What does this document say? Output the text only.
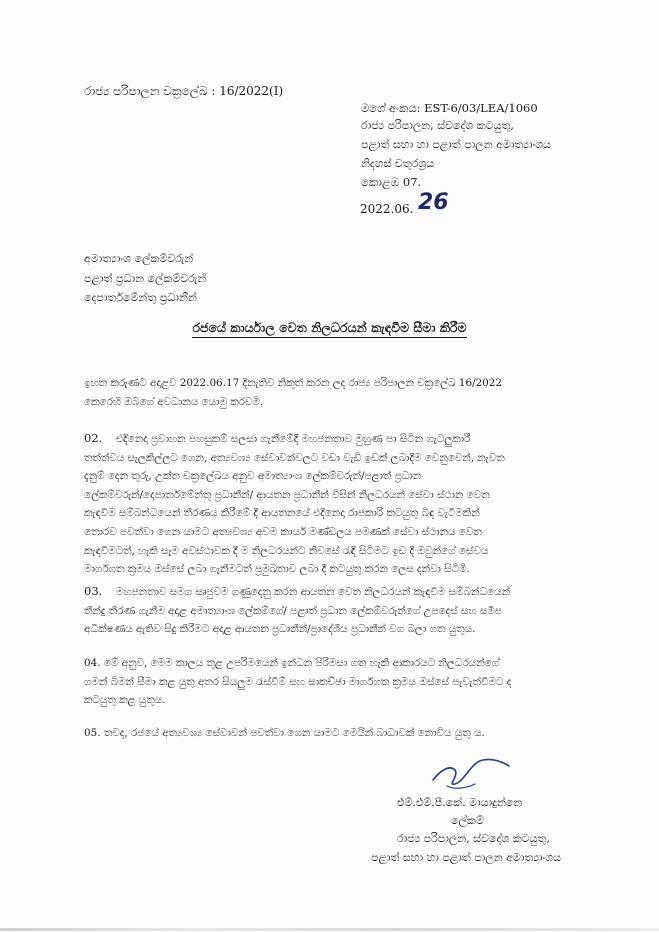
රාජ්‍ය පරිපාලන චක්‍රලේඛ : 16/2022(I)
මගේ අංකය: EST-6/03/LEA/1060
රාජ්‍ය පරිපාලන, ස්වදේශ කටයුතු,
පළාත් සභා හා පළාත් පාලන අමාත්‍යාංශය
නිදහස් චතුරශ්‍රය
කොළඹ 07.
2022.06. 26
අමාත්‍යාංශ ලේකම්වරුන්
පළාත් ප්‍රධාන ලේකම්වරුන්
දෙපාර්තමේන්තු ප්‍රධානීන්
රජයේ කාර්යාල වෙත නිලධරයන් කැඳවීම සීමා කිරීම
ඉහත කරුණට අදාළව 2022.06.17 දිනැතිව නිකුත් කරන ලද රාජ්‍ය පරිපාලන චක්‍රලේඛ 16/2022
කෙරෙහි ඔබගේ අවධානය යොමු කරවමි.
02.	එදිනෙදා ප්‍රවාහන පහසුකම් සලසා ගැනීමේදී මහජනතාව මුහුණ පා සිටින ගැටලුකාරී
තත්ත්වය සැලකිල්ලට ගෙන, අත්‍යවශ්‍ය සේවාවන්වලට වඩා වැඩි ඉඩක් ලබාදීම වෙනුවෙන්, නැවත
දැනුම් දෙන තුරු, උක්ත චක්‍රලේඛය අනුව අමාත්‍යාංශ ලේකම්වරුන්/පළාත් ප්‍රධාන
ලේකම්වරුන්/දෙපාර්තමේන්තු ප්‍රධානීන්/ ආයතන ප්‍රධානීන් විසින් නිලධරයන් සේවා ස්ථාන වෙත
කැඳවීම සම්බන්ධයෙන් තීරණය කිරීමේ දී ආයතනයේ එදිනෙදා රාජකාරි කටයුතු බිඳ වැටීමකින්
තොරව පවත්වා ගෙන යාමට අත්‍යවශ්‍ය අවම කාර්ය මණ්ඩලය පමණක් සේවා ස්ථානය වෙත
කැඳවීමටත්, හැකි සෑම අවස්ථාවක දී ම නිලධරයන්ට නිවසේ රැඳී සිටිමට ඉඩ දී ඔවුන්ගේ සේවය
මාර්ගගත ක්‍රමය ඔස්සේ ලබා ගැනීමටත් ප්‍රමුඛතාව ලබා දී කටයුතු කරන ලෙස දන්වා සිටිමි.
03.	මහජනතාව සමග සෘජුවම ගණුදෙනු කරන ආයතන වෙත නිලධරයන් කැඳවීම සම්බන්ධයෙන්
තීන්දු තීරණ ගැනීම අදාළ අමාත්‍යාංශ ලේකම්ගේ/ පළාත් ප්‍රධාන ලේකම්වරුන්ගේ උපදෙස් සහ සමීප
අධීක්ෂණය ඇතිව සිදු කිරීමට අදාළ ආයතන ප්‍රධානීන්/ප්‍රාදේශීය ප්‍රධානීන් වග බලා ගත යුතුය.
04. මේ අනුව, මෙම කාලය තුළ උපරිමයෙන් ඉන්ධන පිරිමසා ගත හැකි ආකාරයට නිලධරයන්ගේ
ගමන් බිමන් සීමා කළ යුතු අතර සියලුම රැස්වීම් සහ සාකච්ඡා මාර්ගගත ක්‍රමය ඔස්සේ පැවැත්වීමට ද
කටයුතු කළ යුතුය.
05. තවද, රජයේ අත්‍යවශ්‍ය සේවාවන් පවත්වා ගෙන යාමට මෙයින් බාධාවක් නොවිය යුතු ය.
එම්.එම්.පී.කේ. මායාදුන්නෙ
ලේකම්
රාජ්‍ය පරිපාලන, ස්වදේශ කටයුතු,
පළාත් සභා හා පළාත් පාලන අමාත්‍යාංශය
